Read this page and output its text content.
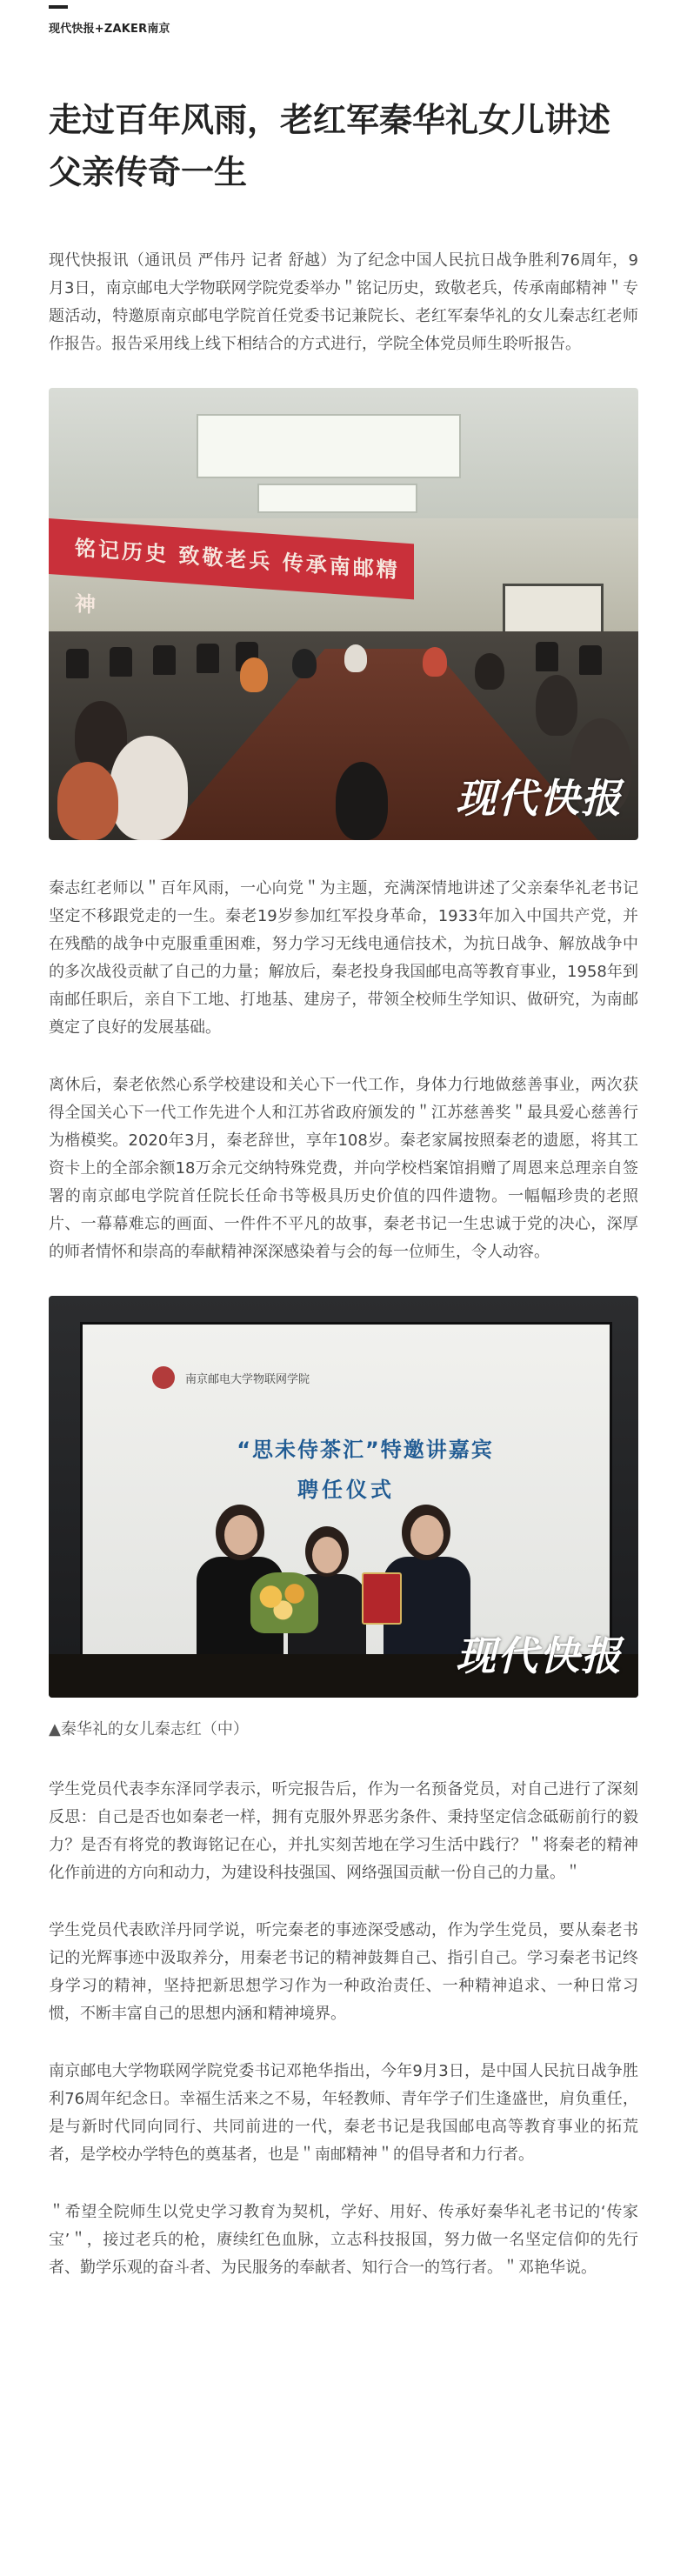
现代快报+ZAKER南京
走过百年风雨，老红军秦华礼女儿讲述父亲传奇一生

现代快报讯（通讯员 严伟丹 记者 舒越）为了纪念中国人民抗日战争胜利76周年，9月3日，南京邮电大学物联网学院党委举办＂铭记历史，致敬老兵，传承南邮精神＂专题活动，特邀原南京邮电学院首任党委书记兼院长、老红军秦华礼的女儿秦志红老师作报告。报告采用线上线下相结合的方式进行，学院全体党员师生聆听报告。

铭记历史 致敬老兵 传承南邮精神
现代快报

秦志红老师以＂百年风雨，一心向党＂为主题，充满深情地讲述了父亲秦华礼老书记坚定不移跟党走的一生。秦老19岁参加红军投身革命，1933年加入中国共产党，并在残酷的战争中克服重重困难，努力学习无线电通信技术，为抗日战争、解放战争中的多次战役贡献了自己的力量；解放后，秦老投身我国邮电高等教育事业，1958年到南邮任职后，亲自下工地、打地基、建房子，带领全校师生学知识、做研究，为南邮奠定了良好的发展基础。

离休后，秦老依然心系学校建设和关心下一代工作，身体力行地做慈善事业，两次获得全国关心下一代工作先进个人和江苏省政府颁发的＂江苏慈善奖＂最具爱心慈善行为楷模奖。2020年3月，秦老辞世，享年108岁。秦老家属按照秦老的遗愿，将其工资卡上的全部余额18万余元交纳特殊党费，并向学校档案馆捐赠了周恩来总理亲自签署的南京邮电学院首任院长任命书等极具历史价值的四件遗物。一幅幅珍贵的老照片、一幕幕难忘的画面、一件件不平凡的故事，秦老书记一生忠诚于党的决心，深厚的师者情怀和崇高的奉献精神深深感染着与会的每一位师生，令人动容。

南京邮电大学物联网学院
“思未侍茶汇”特邀讲嘉宾
聘任仪式
现代快报
▲秦华礼的女儿秦志红（中）

学生党员代表李东泽同学表示，听完报告后，作为一名预备党员，对自己进行了深刻反思：自己是否也如秦老一样，拥有克服外界恶劣条件、秉持坚定信念砥砺前行的毅力？是否有将党的教诲铭记在心，并扎实刻苦地在学习生活中践行？＂将秦老的精神化作前进的方向和动力，为建设科技强国、网络强国贡献一份自己的力量。＂

学生党员代表欧洋丹同学说，听完秦老的事迹深受感动，作为学生党员，要从秦老书记的光辉事迹中汲取养分，用秦老书记的精神鼓舞自己、指引自己。学习秦老书记终身学习的精神，坚持把新思想学习作为一种政治责任、一种精神追求、一种日常习惯，不断丰富自己的思想内涵和精神境界。

南京邮电大学物联网学院党委书记邓艳华指出，今年9月3日，是中国人民抗日战争胜利76周年纪念日。幸福生活来之不易，年轻教师、青年学子们生逢盛世，肩负重任，是与新时代同向同行、共同前进的一代，秦老书记是我国邮电高等教育事业的拓荒者，是学校办学特色的奠基者，也是＂南邮精神＂的倡导者和力行者。

＂希望全院师生以党史学习教育为契机，学好、用好、传承好秦华礼老书记的‘传家宝’＂，接过老兵的枪，赓续红色血脉，立志科技报国，努力做一名坚定信仰的先行者、勤学乐观的奋斗者、为民服务的奉献者、知行合一的笃行者。＂邓艳华说。
